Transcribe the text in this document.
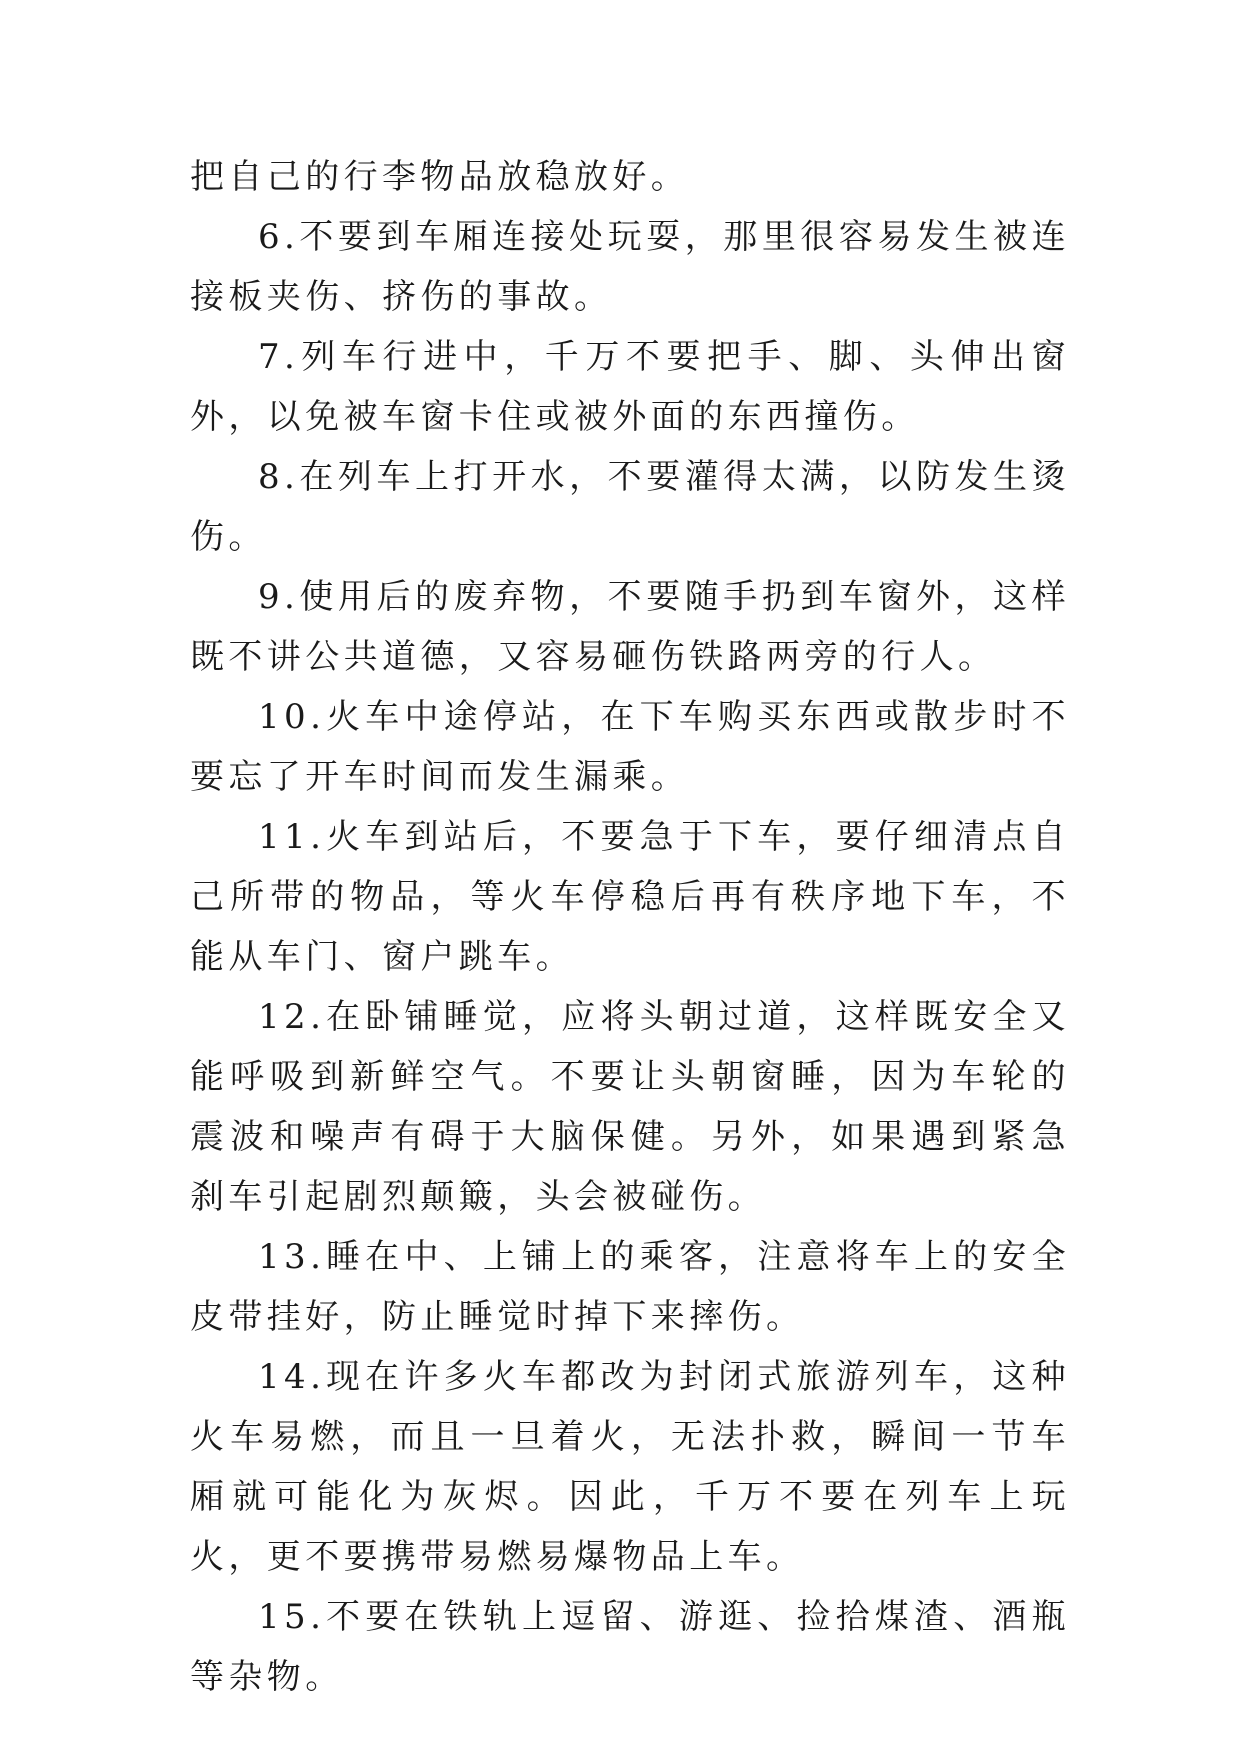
把自己的行李物品放稳放好。

6.不要到车厢连接处玩耍，那里很容易发生被连接板夹伤、挤伤的事故。

7.列车行进中，千万不要把手、脚、头伸出窗外，以免被车窗卡住或被外面的东西撞伤。

8.在列车上打开水，不要灌得太满，以防发生烫伤。

9.使用后的废弃物，不要随手扔到车窗外，这样既不讲公共道德，又容易砸伤铁路两旁的行人。

10.火车中途停站，在下车购买东西或散步时不要忘了开车时间而发生漏乘。

11.火车到站后，不要急于下车，要仔细清点自己所带的物品，等火车停稳后再有秩序地下车，不能从车门、窗户跳车。

12.在卧铺睡觉，应将头朝过道，这样既安全又能呼吸到新鲜空气。不要让头朝窗睡，因为车轮的震波和噪声有碍于大脑保健。另外，如果遇到紧急刹车引起剧烈颠簸，头会被碰伤。

13.睡在中、上铺上的乘客，注意将车上的安全皮带挂好，防止睡觉时掉下来摔伤。

14.现在许多火车都改为封闭式旅游列车，这种火车易燃，而且一旦着火，无法扑救，瞬间一节车厢就可能化为灰烬。因此，千万不要在列车上玩火，更不要携带易燃易爆物品上车。

15.不要在铁轨上逗留、游逛、捡拾煤渣、酒瓶等杂物。
